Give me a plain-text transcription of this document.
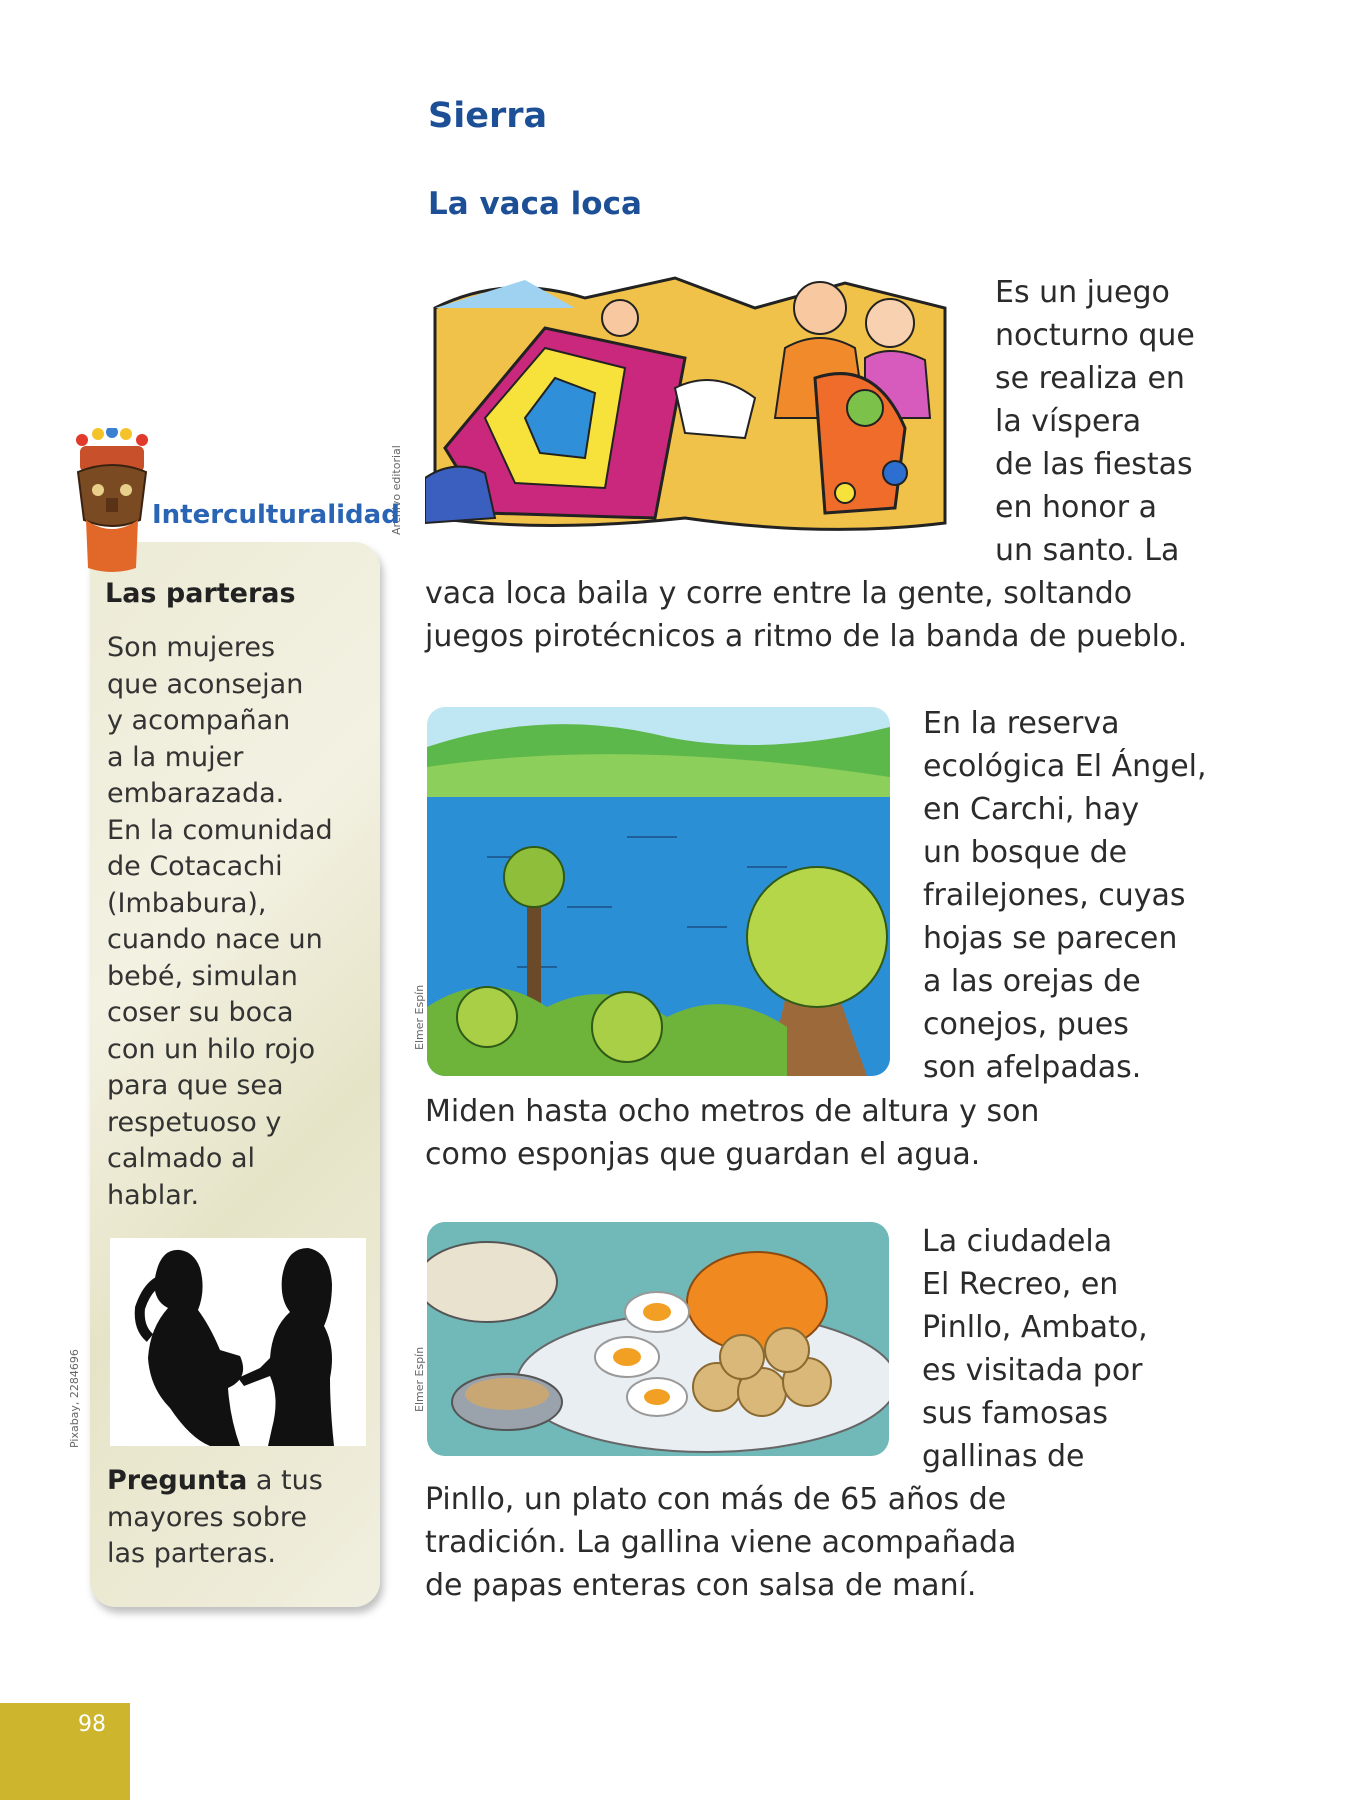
Sierra
La vaca loca
Archivo editorial
Es un juego
nocturno que
se realiza en
la víspera
de las fiestas
en honor a
un santo. La
vaca loca baila y corre entre la gente, soltando
juegos pirotécnicos a ritmo de la banda de pueblo.
Elmer Espín
En la reserva
ecológica El Ángel,
en Carchi, hay
un bosque de
frailejones, cuyas
hojas se parecen
a las orejas de
conejos, pues
son afelpadas.
Miden hasta ocho metros de altura y son
como esponjas que guardan el agua.
Elmer Espín
La ciudadela
El Recreo, en
Pinllo, Ambato,
es visitada por
sus famosas
gallinas de
Pinllo, un plato con más de 65 años de
tradición. La gallina viene acompañada
de papas enteras con salsa de maní.
Interculturalidad
Las parteras
Son mujeres
que aconsejan
y acompañan
a la mujer
embarazada.
En la comunidad
de Cotacachi
(Imbabura),
cuando nace un
bebé, simulan
coser su boca
con un hilo rojo
para que sea
respetuoso y
calmado al
hablar.
Pixabay, 2284696
Pregunta a tus
mayores sobre
las parteras.
98
